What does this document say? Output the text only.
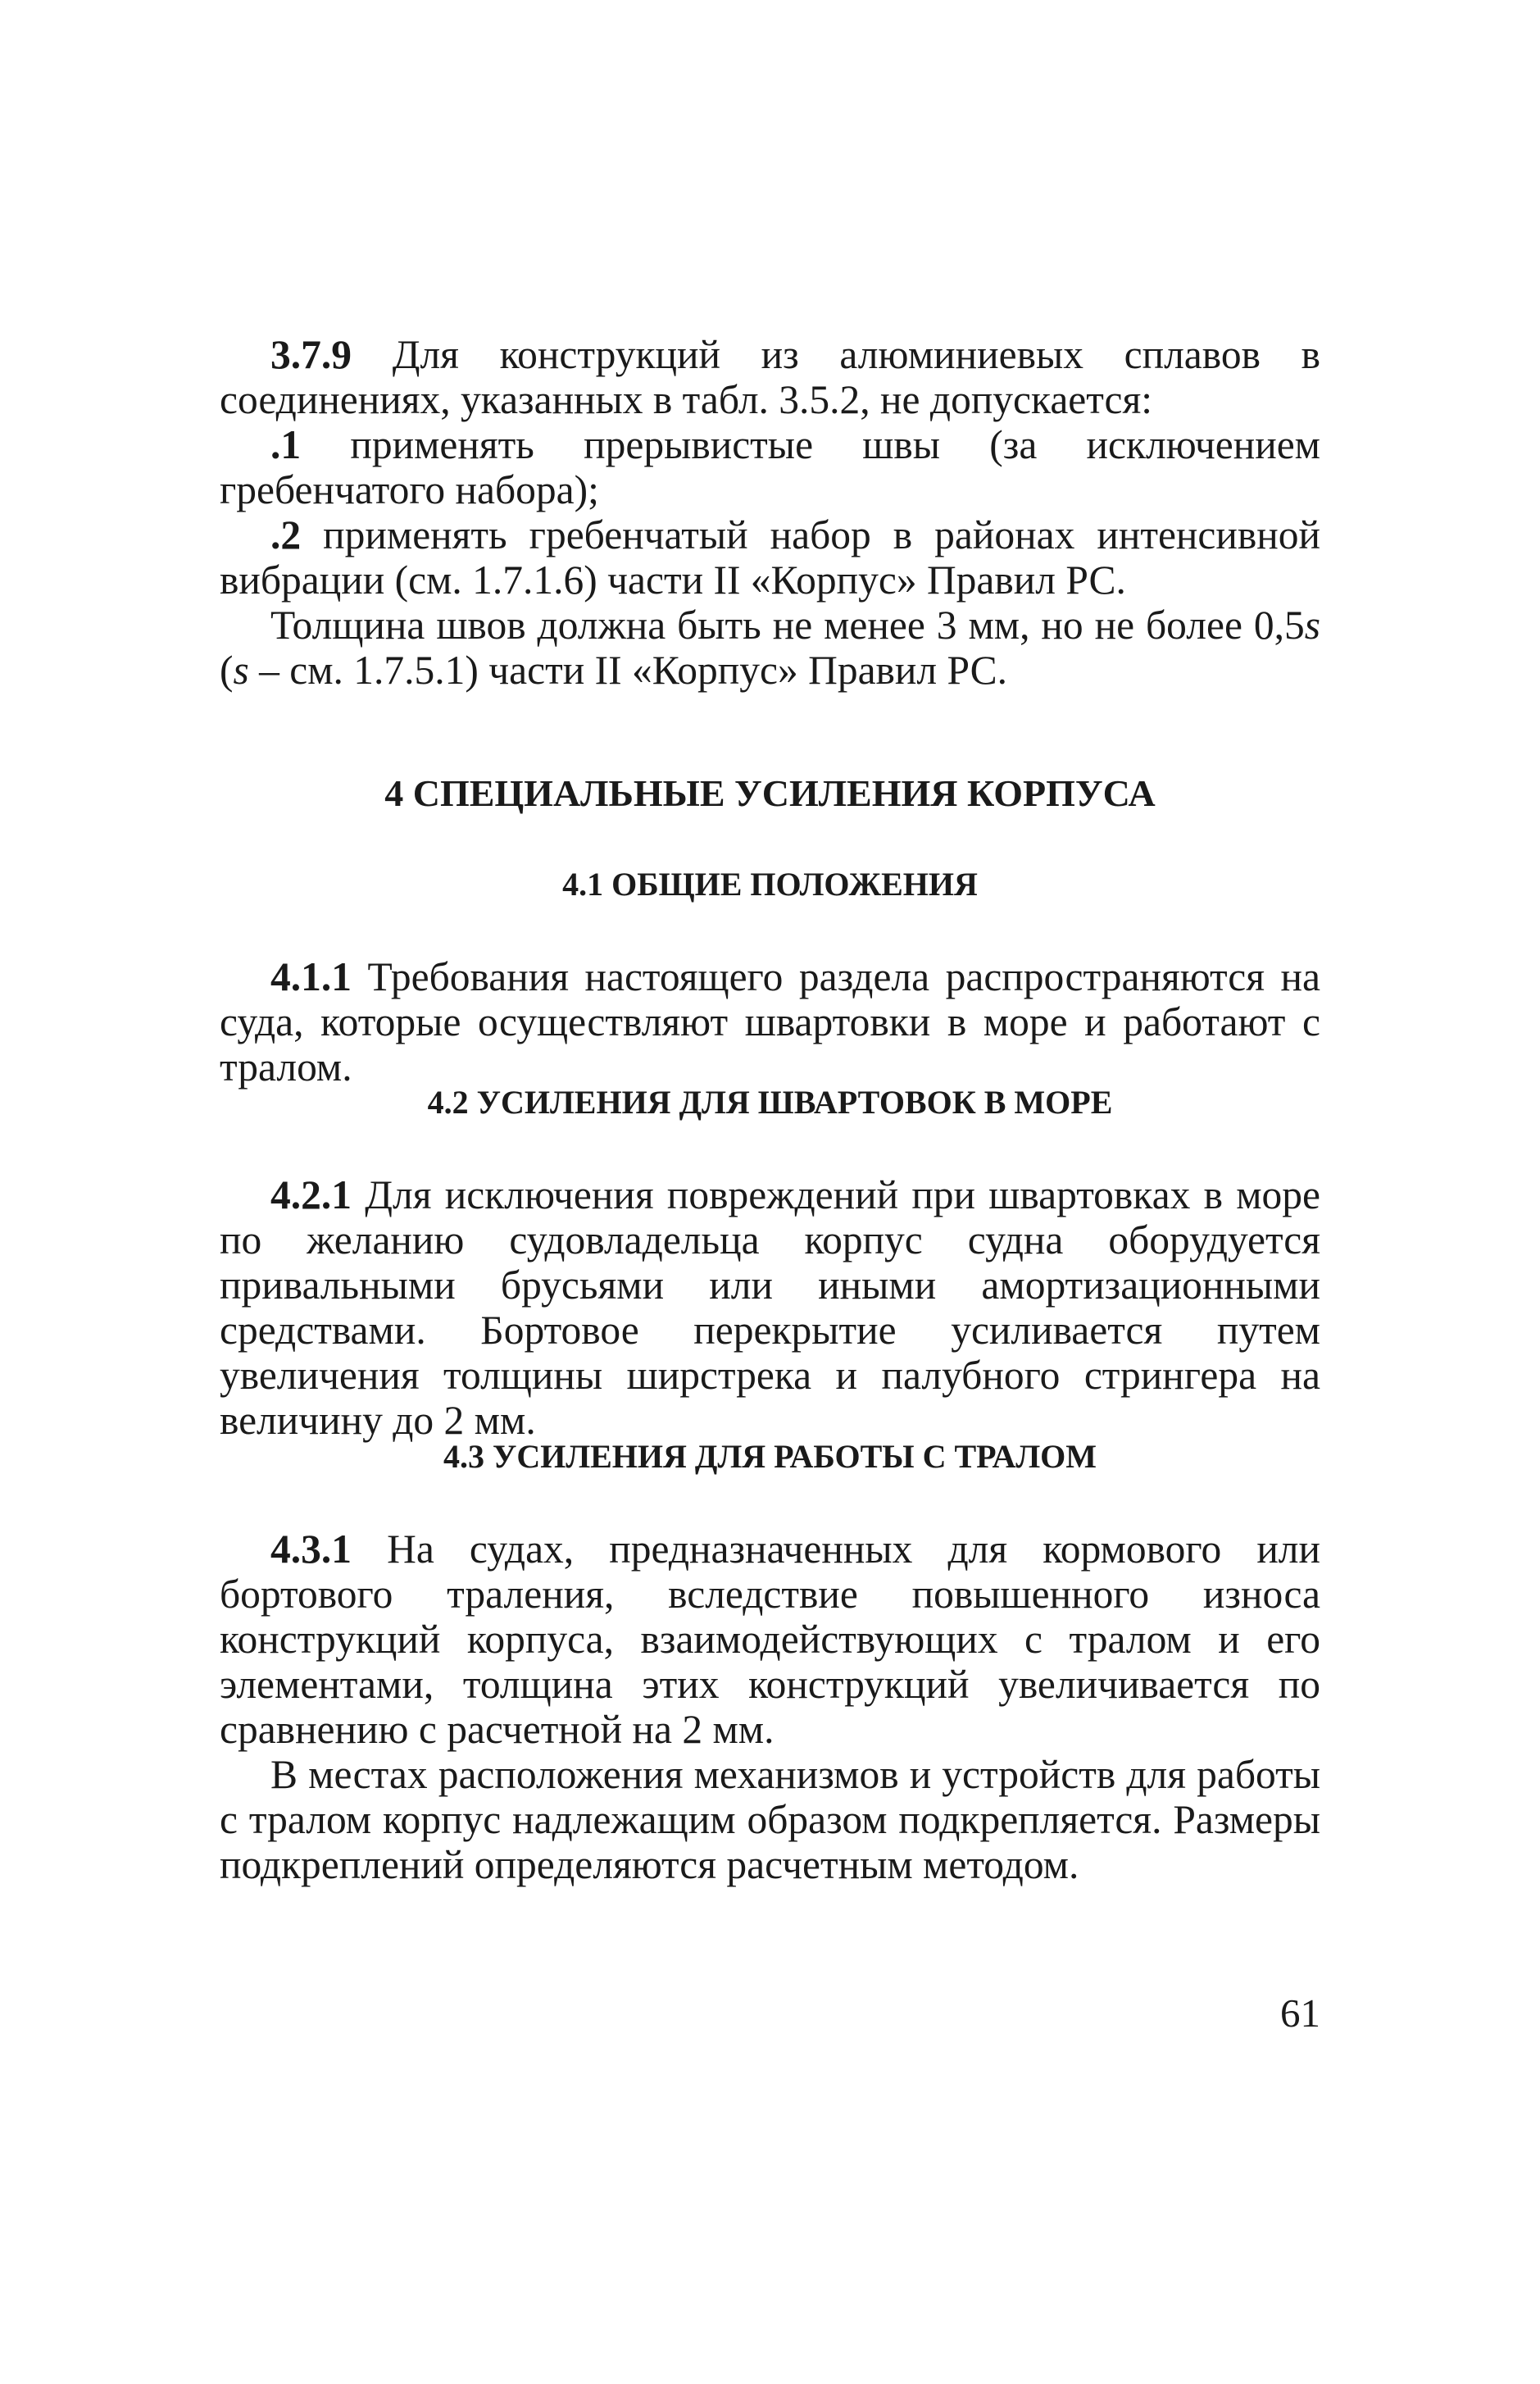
3.7.9 Для конструкций из алюминиевых сплавов в соединениях, указанных в табл. 3.5.2, не допускается:

.1 применять прерывистые швы (за исключением гребенчатого набора);

.2 применять гребенчатый набор в районах интенсивной вибрации (см. 1.7.1.6) части II «Корпус» Правил РС.

Толщина швов должна быть не менее 3 мм, но не более 0,5s (s – см. 1.7.5.1) части II «Корпус» Правил РС.

4 СПЕЦИАЛЬНЫЕ УСИЛЕНИЯ КОРПУСА
4.1 ОБЩИЕ ПОЛОЖЕНИЯ

4.1.1 Требования настоящего раздела распространяются на суда, которые осуществляют швартовки в море и работают с тралом.

4.2 УСИЛЕНИЯ ДЛЯ ШВАРТОВОК В МОРЕ

4.2.1 Для исключения повреждений при швартовках в море по желанию судовладельца корпус судна оборудуется привальными брусьями или иными амортизационными средствами. Бортовое перекрытие усиливается путем увеличения толщины ширстрека и палубного стрингера на величину до 2 мм.

4.3 УСИЛЕНИЯ ДЛЯ РАБОТЫ С ТРАЛОМ

4.3.1 На судах, предназначенных для кормового или бортового траления, вследствие повышенного износа конструкций корпуса, взаимодействующих с тралом и его элементами, толщина этих конструкций увеличивается по сравнению с расчетной на 2 мм.

В местах расположения механизмов и устройств для работы с тралом корпус надлежащим образом подкрепляется. Размеры подкреплений определяются расчетным методом.

61
